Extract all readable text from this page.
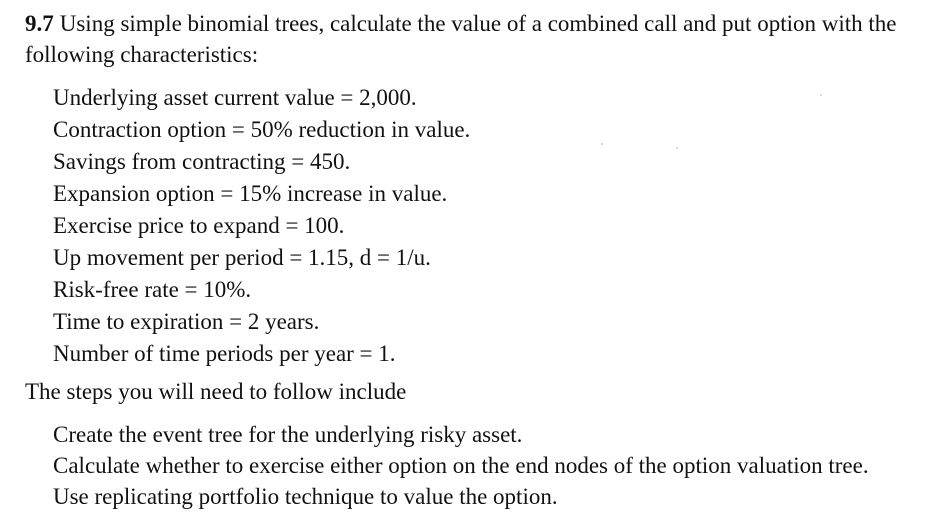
9.7 Using simple binomial trees, calculate the value of a combined call and put option with the following characteristics:
Underlying asset current value = 2,000.
Contraction option = 50% reduction in value.
Savings from contracting = 450.
Expansion option = 15% increase in value.
Exercise price to expand = 100.
Up movement per period = 1.15, d = 1/u.
Risk-free rate = 10%.
Time to expiration = 2 years.
Number of time periods per year = 1.
The steps you will need to follow include
Create the event tree for the underlying risky asset.
Calculate whether to exercise either option on the end nodes of the option valuation tree.
Use replicating portfolio technique to value the option.
